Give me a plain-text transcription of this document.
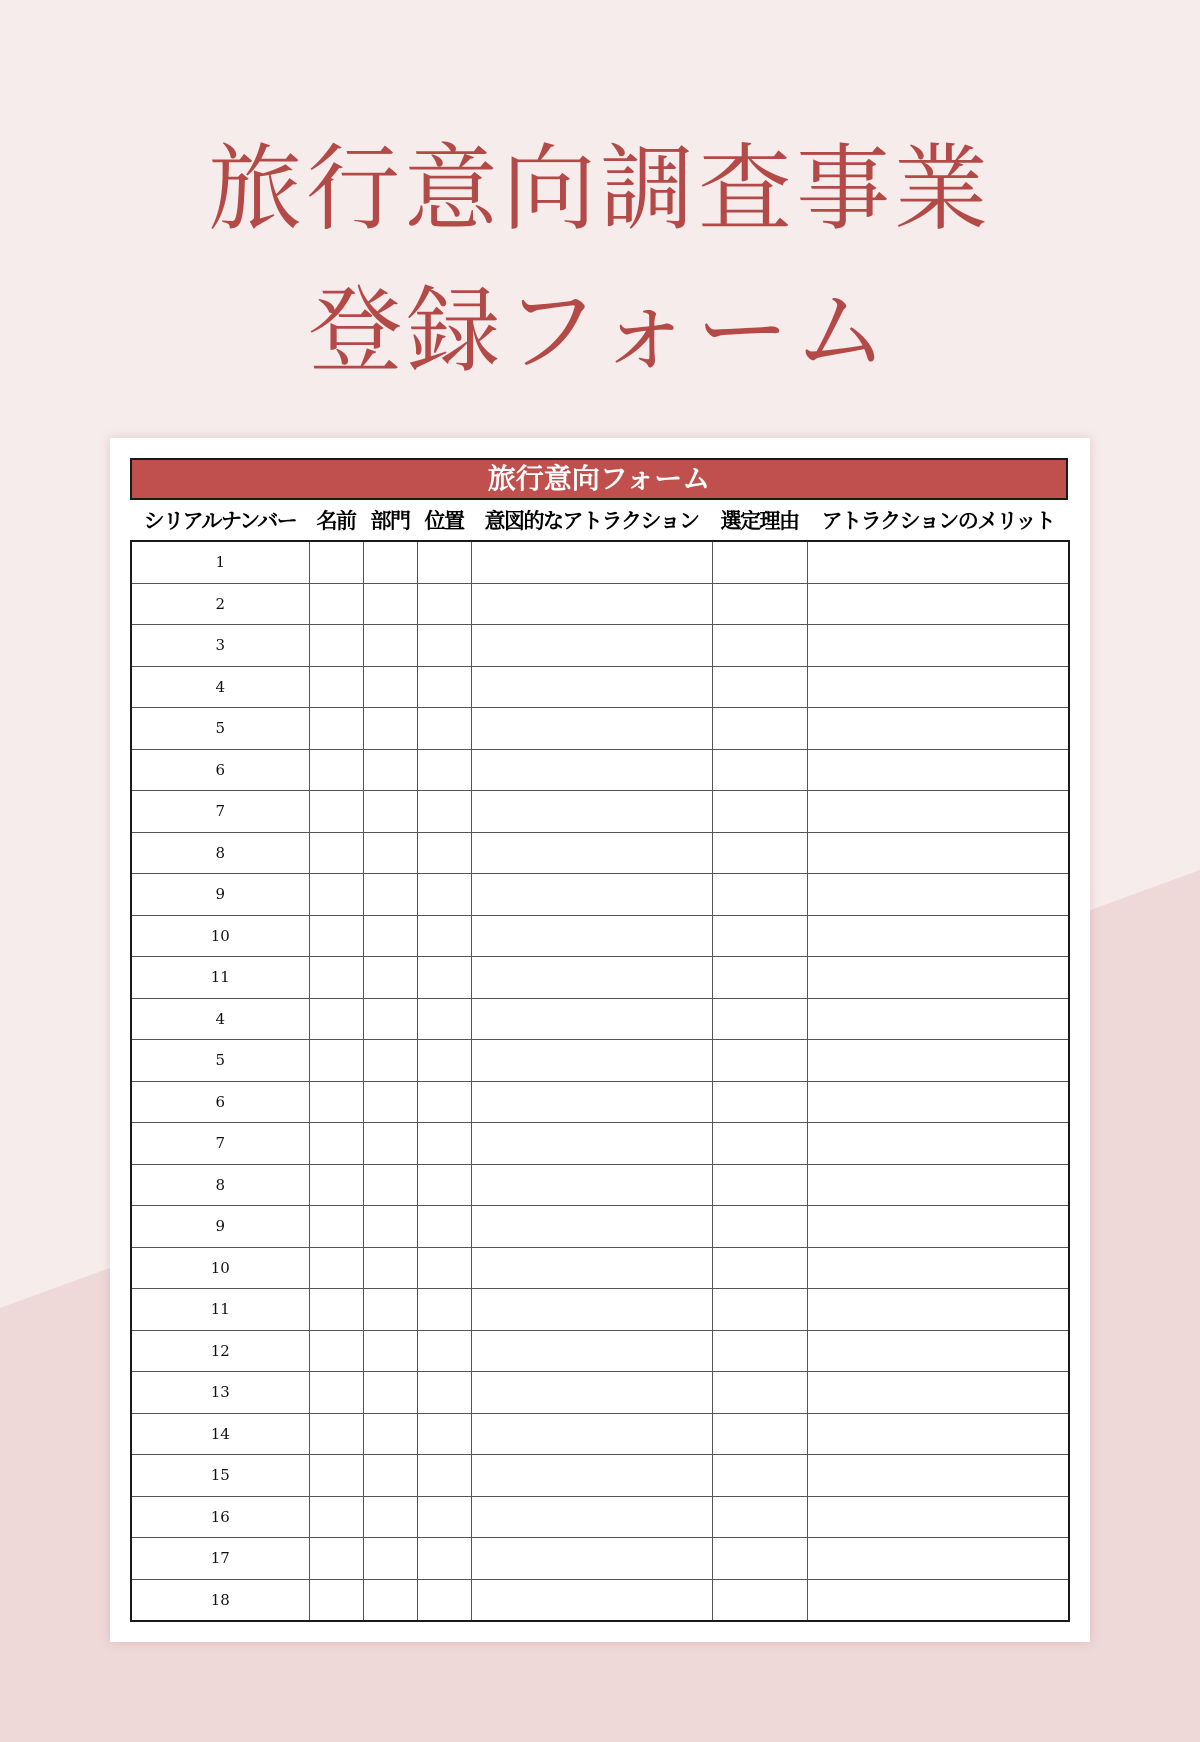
旅行意向調査事業
登録フォーム
旅行意向フォーム
シリアルナンバー	名前	部門	位置	意図的なアトラクション	選定理由	アトラクションのメリット
1						
2						
3						
4						
5						
6						
7						
8						
9						
10						
11						
4						
5						
6						
7						
8						
9						
10						
11						
12						
13						
14						
15						
16						
17						
18						
